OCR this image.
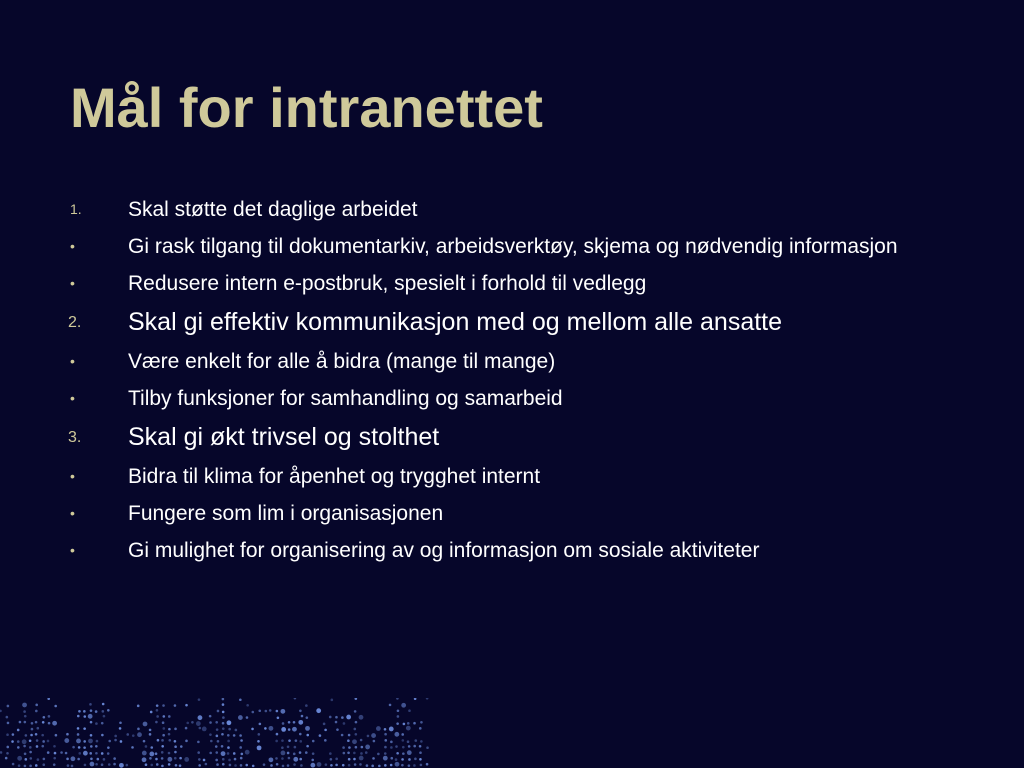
Mål for intranettet
1.	Skal støtte det daglige arbeidet
•	Gi rask tilgang til dokumentarkiv, arbeidsverktøy, skjema og nødvendig informasjon
•	Redusere intern e-postbruk, spesielt i forhold til vedlegg
2.	Skal gi effektiv kommunikasjon med og mellom alle ansatte
•	Være enkelt for alle å bidra (mange til mange)
•	Tilby funksjoner for samhandling og samarbeid
3.	Skal gi økt trivsel og stolthet
•	Bidra til klima for åpenhet og trygghet internt
•	Fungere som lim i organisasjonen
•	Gi mulighet for organisering av og informasjon om sosiale aktiviteter
